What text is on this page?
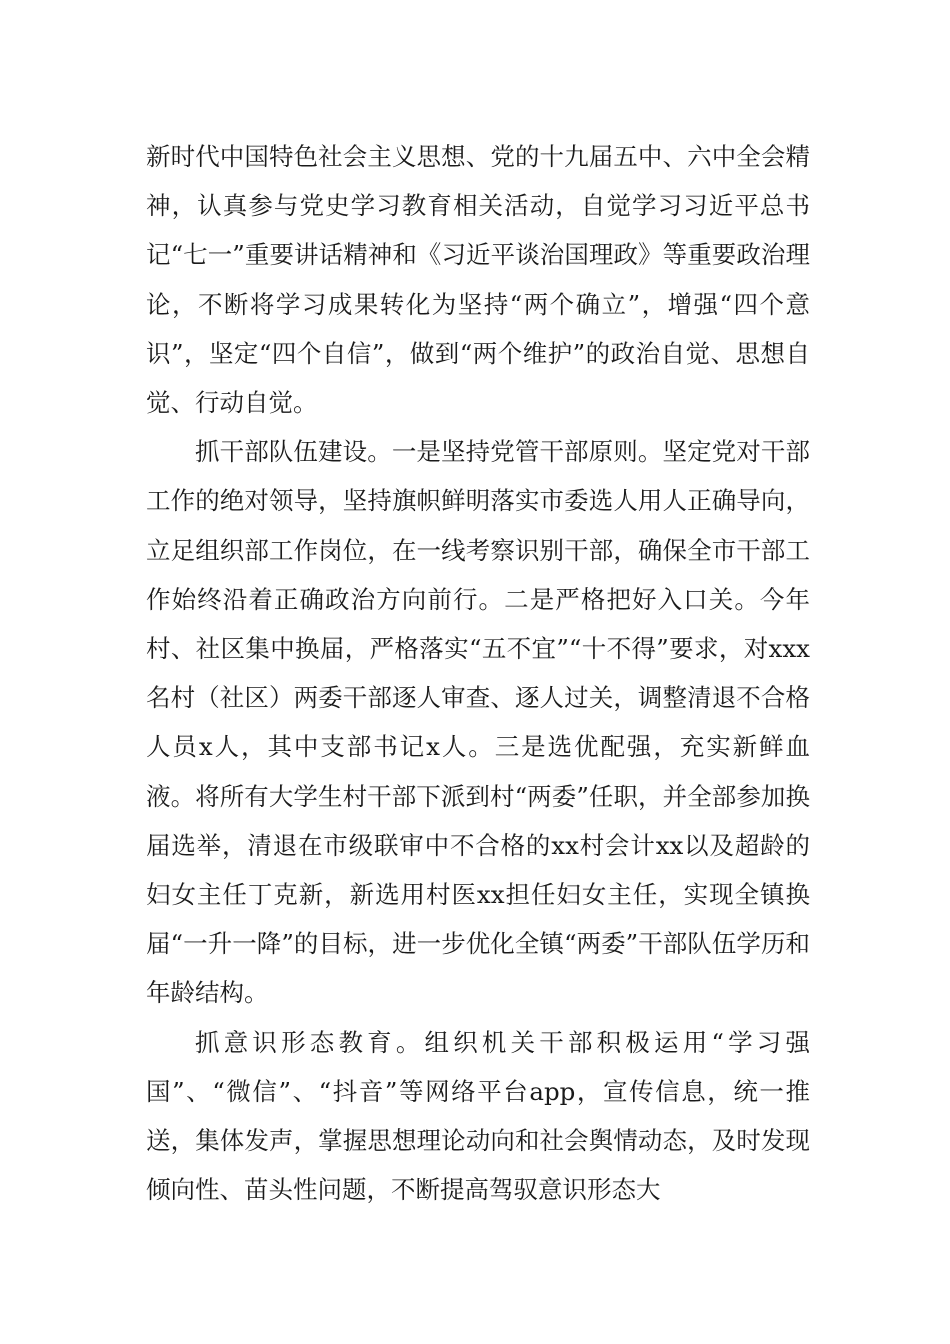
新时代中国特色社会主义思想、党的十九届五中、六中全会精神，认真参与党史学习教育相关活动，自觉学习习近平总书记“七一”重要讲话精神和《习近平谈治国理政》等重要政治理论，不断将学习成果转化为坚持“两个确立”，增强“四个意识”，坚定“四个自信”，做到“两个维护”的政治自觉、思想自觉、行动自觉。

抓干部队伍建设。一是坚持党管干部原则。坚定党对干部工作的绝对领导，坚持旗帜鲜明落实市委选人用人正确导向，立足组织部工作岗位，在一线考察识别干部，确保全市干部工作始终沿着正确政治方向前行。二是严格把好入口关。今年村、社区集中换届，严格落实“五不宜”“十不得”要求，对xxx名村（社区）两委干部逐人审查、逐人过关，调整清退不合格人员x人，其中支部书记x人。三是选优配强，充实新鲜血液。将所有大学生村干部下派到村“两委”任职，并全部参加换届选举，清退在市级联审中不合格的xx村会计xx以及超龄的妇女主任丁克新，新选用村医xx担任妇女主任，实现全镇换届“一升一降”的目标，进一步优化全镇“两委”干部队伍学历和年龄结构。

抓意识形态教育。组织机关干部积极运用“学习强国”、“微信”、“抖音”等网络平台app，宣传信息，统一推送，集体发声，掌握思想理论动向和社会舆情动态，及时发现倾向性、苗头性问题，不断提高驾驭意识形态大
